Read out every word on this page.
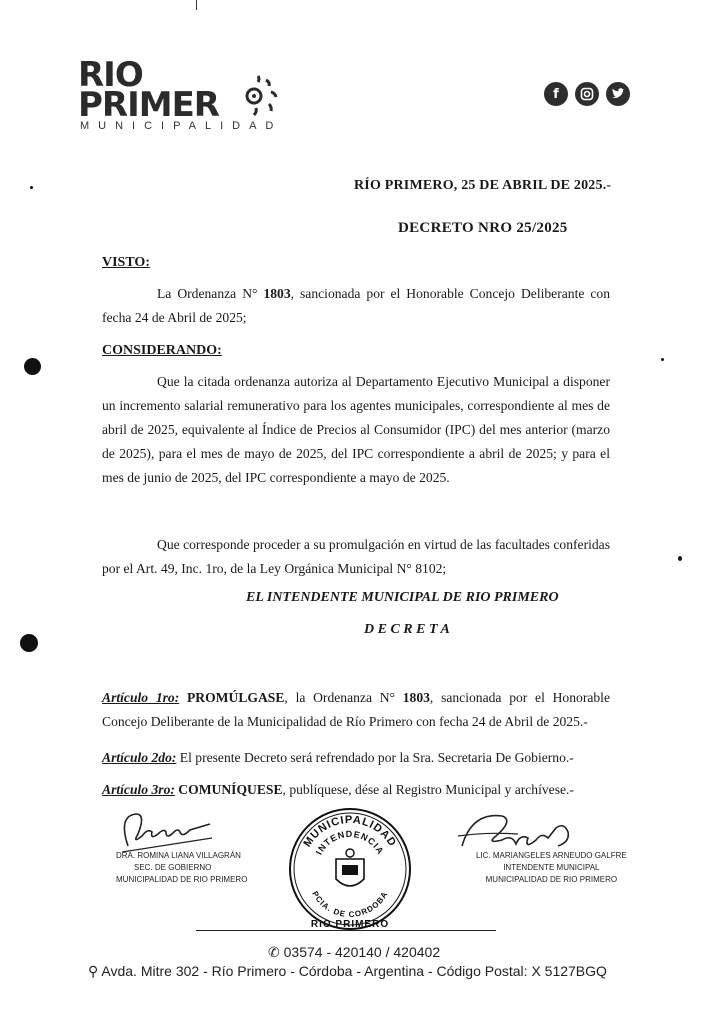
RIO
PRIMER
MUNICIPALIDAD
f
RÍO PRIMERO, 25 DE ABRIL DE 2025.-
DECRETO NRO 25/2025
VISTO:
La Ordenanza N° 1803, sancionada por el Honorable Concejo Deliberante con fecha 24 de Abril de 2025;
CONSIDERANDO:
Que la citada ordenanza autoriza al Departamento Ejecutivo Municipal a disponer un incremento salarial remunerativo para los agentes municipales, correspondiente al mes de abril de 2025, equivalente al Índice de Precios al Consumidor (IPC) del mes anterior (marzo de 2025), para el mes de mayo de 2025, del IPC correspondiente a abril de 2025; y para el mes de junio de 2025, del IPC correspondiente a mayo de 2025.
Que corresponde proceder a su promulgación en virtud de las facultades conferidas por el Art. 49, Inc. 1ro, de la Ley Orgánica Municipal N° 8102;
EL INTENDENTE MUNICIPAL DE RIO PRIMERO
D E C R E T A
Artículo 1ro: PROMÚLGASE, la Ordenanza N° 1803, sancionada por el Honorable Concejo Deliberante de la Municipalidad de Río Primero con fecha 24 de Abril de 2025.-
Artículo 2do: El presente Decreto será refrendado por la Sra. Secretaria De Gobierno.-
Artículo 3ro: COMUNÍQUESE, publíquese, dése al Registro Municipal y archívese.-
DRA. ROMINA LIANA VILLAGRÁN
SEC. DE GOBIERNO
MUNICIPALIDAD DE RIO PRIMERO
MUNICIPALIDAD
INTENDENCIA
PCIA. DE CORDOBA
RIO PRIMERO
LIC. MARIANGELES ARNEUDO GALFRE
INTENDENTE MUNICIPAL
MUNICIPALIDAD DE RIO PRIMERO
✆ 03574 - 420140 / 420402
⚲ Avda. Mitre 302 - Río Primero - Córdoba - Argentina - Código Postal: X 5127BGQ
